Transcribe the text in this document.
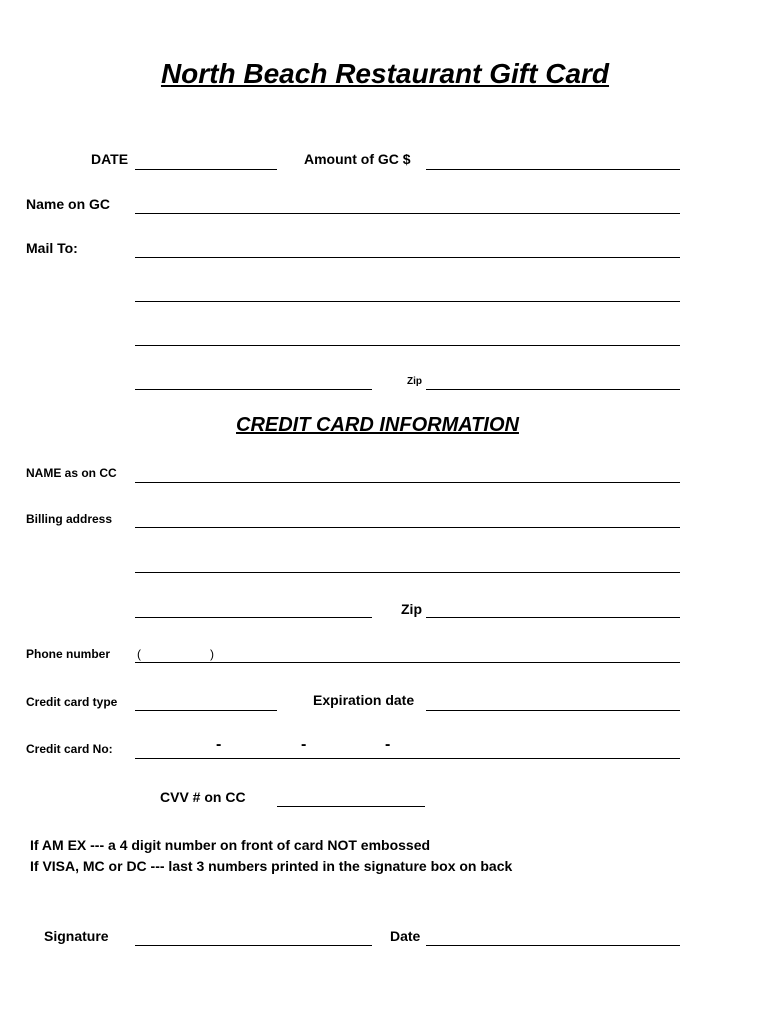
North Beach Restaurant Gift Card
DATE	Amount of GC $
Name on GC
Mail To:
Zip
CREDIT CARD INFORMATION
NAME as on CC
Billing address
Zip
Phone number (	)
Credit card type	Expiration date
Credit card No:	-	-	-
CVV # on CC
If AM EX --- a 4 digit number on front of card NOT embossed
If VISA, MC or DC --- last 3 numbers printed in the signature box on back
Signature	Date
